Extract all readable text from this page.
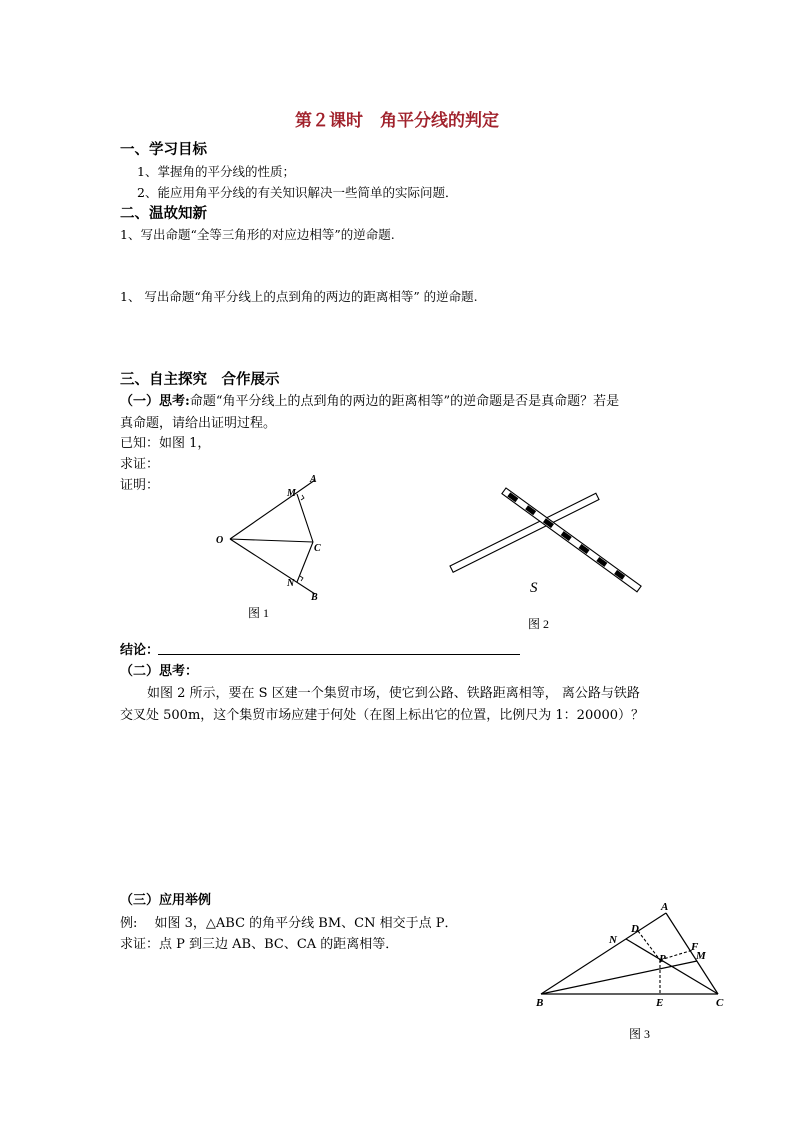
第２课时　角平分线的判定
一、学习目标
1、掌握角的平分线的性质；
2、能应用角平分线的有关知识解决一些简单的实际问题．
二、温故知新
1、写出命题“全等三角形的对应边相等”的逆命题.
1、 写出命题“角平分线上的点到角的两边的距离相等” 的逆命题.
三、自主探究　合作展示
（一）思考:命题“角平分线上的点到角的两边的距离相等”的逆命题是否是真命题？若是
真命题，请给出证明过程。
已知：如图 1，
求证：
证明：	A
B
O
C
M
N
图 1
S
图 2
结论：
（二）思考：
如图 2 所示，要在 S 区建一个集贸市场，使它到公路、铁路距离相等， 离公路与铁路
交叉处 500m，这个集贸市场应建于何处（在图上标出它的位置，比例尺为 1：20000）？
（三）应用举例
例:　 如图 3，△ABC 的角平分线 BM、CN 相交于点 P．
求证：点 P 到三边 AB、BC、CA 的距离相等．
A
B	C
D
E
F
M
N
P
图 3
